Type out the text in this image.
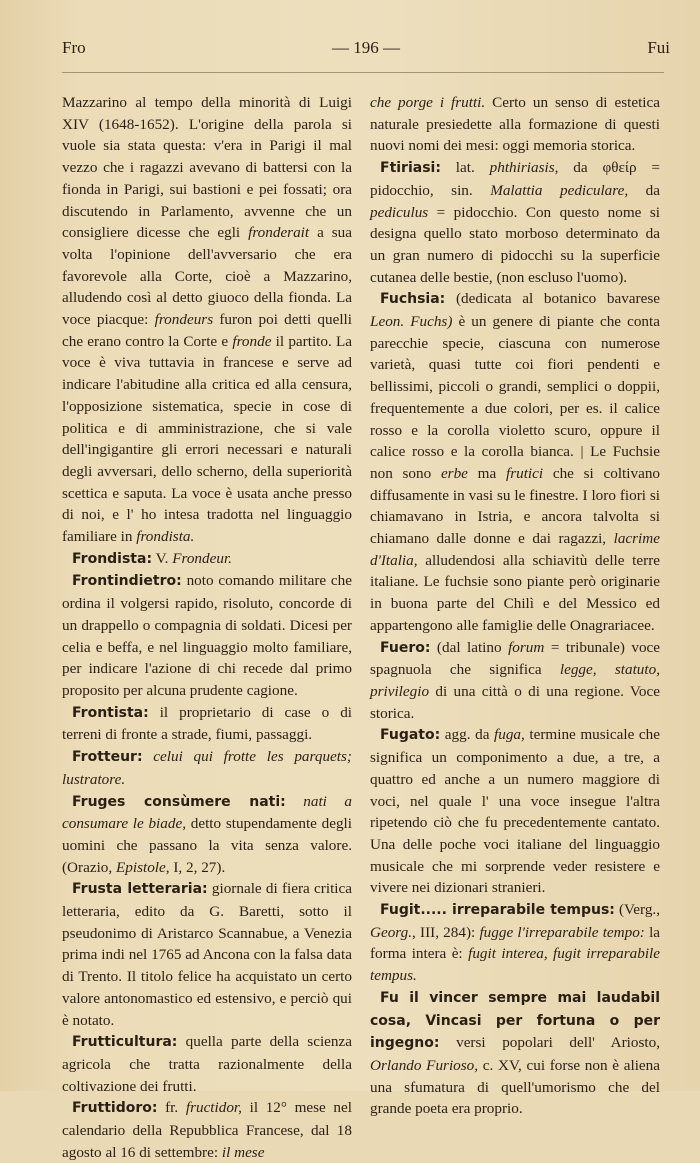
Fro	— 196 —	Fui

Mazzarino al tempo della minorità di Luigi XIV (1648-1652). L'origine della parola si vuole sia stata questa: v'era in Parigi il mal vezzo che i ragazzi avevano di battersi con la fionda in Parigi, sui bastioni e pei fossati; ora discutendo in Parlamento, avvenne che un consigliere dicesse che egli fronderait a sua volta l'opinione dell'avversario che era favorevole alla Corte, cioè a Mazzarino, alludendo così al detto giuoco della fionda. La voce piacque: frondeurs furon poi detti quelli che erano contro la Corte e fronde il partito. La voce è viva tuttavia in francese e serve ad indicare l'abitudine alla critica ed alla censura, l'opposizione sistematica, specie in cose di politica e di amministrazione, che si vale dell'ingigantire gli errori necessari e naturali degli avversari, dello scherno, della superiorità scettica e saputa. La voce è usata anche presso di noi, e l' ho intesa tradotta nel linguaggio familiare in frondista.

Frondista: V. Frondeur.

Frontindietro: noto comando militare che ordina il volgersi rapido, risoluto, concorde di un drappello o compagnia di soldati. Dicesi per celia e beffa, e nel linguaggio molto familiare, per indicare l'azione di chi recede dal primo proposito per alcuna prudente cagione.

Frontista: il proprietario di case o di terreni di fronte a strade, fiumi, passaggi.

Frotteur: celui qui frotte les parquets; lustratore.

Fruges consùmere nati: nati a consumare le biade, detto stupendamente degli uomini che passano la vita senza valore. (Orazio, Epistole, I, 2, 27).

Frusta letteraria: giornale di fiera critica letteraria, edito da G. Baretti, sotto il pseudonimo di Aristarco Scannabue, a Venezia prima indi nel 1765 ad Ancona con la falsa data di Trento. Il titolo felice ha acquistato un certo valore antonomastico ed estensivo, e perciò qui è notato.

Frutticultura: quella parte della scienza agricola che tratta razionalmente della coltivazione dei frutti.

Fruttidoro: fr. fructidor, il 12° mese nel calendario della Repubblica Francese, dal 18 agosto al 16 di settembre: il mese

che porge i frutti. Certo un senso di estetica naturale presiedette alla formazione di questi nuovi nomi dei mesi: oggi memoria storica.

Ftiriasi: lat. phthiriasis, da φθείρ = pidocchio, sin. Malattia pediculare, da pediculus = pidocchio. Con questo nome si designa quello stato morboso determinato da un gran numero di pidocchi su la superficie cutanea delle bestie, (non escluso l'uomo).

Fuchsia: (dedicata al botanico bavarese Leon. Fuchs) è un genere di piante che conta parecchie specie, ciascuna con numerose varietà, quasi tutte coi fiori pendenti e bellissimi, piccoli o grandi, semplici o doppii, frequentemente a due colori, per es. il calice rosso e la corolla violetto scuro, oppure il calice rosso e la corolla bianca. | Le Fuchsie non sono erbe ma frutici che si coltivano diffusamente in vasi su le finestre. I loro fiori si chiamavano in Istria, e ancora talvolta si chiamano dalle donne e dai ragazzi, lacrime d'Italia, alludendosi alla schiavitù delle terre italiane. Le fuchsie sono piante però originarie in buona parte del Chilì e del Messico ed appartengono alle famiglie delle Onagrariacee.

Fuero: (dal latino forum = tribunale) voce spagnuola che significa legge, statuto, privilegio di una città o di una regione. Voce storica.

Fugato: agg. da fuga, termine musicale che significa un componimento a due, a tre, a quattro ed anche a un numero maggiore di voci, nel quale l' una voce insegue l'altra ripetendo ciò che fu precedentemente cantato. Una delle poche voci italiane del linguaggio musicale che mi sorprende veder resistere e vivere nei dizionari stranieri.

Fugit..... irreparabile tempus: (Verg., Georg., III, 284): fugge l'irreparabile tempo: la forma intera è: fugit interea, fugit irreparabile tempus.

Fu il vincer sempre mai laudabil cosa, Vincasi per fortuna o per ingegno: versi popolari dell' Ariosto, Orlando Furioso, c. XV, cui forse non è aliena una sfumatura di quell'umorismo che del grande poeta era proprio.
